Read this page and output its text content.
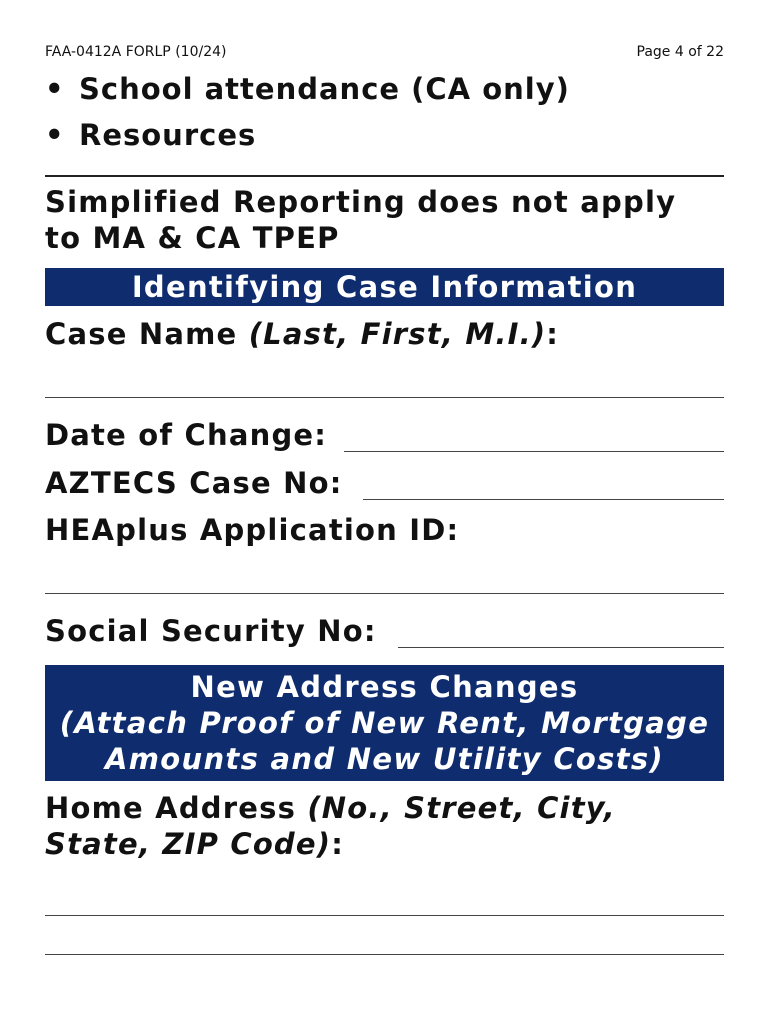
FAA-0412A FORLP (10/24)	Page 4 of 22
• School attendance (CA only)
• Resources
Simplified Reporting does not apply
to MA & CA TPEP
Identifying Case Information
Case Name (Last, First, M.I.):
Date of Change:
AZTECS Case No:
HEAplus Application ID:
Social Security No:
New Address Changes
(Attach Proof of New Rent, Mortgage
Amounts and New Utility Costs)
Home Address (No., Street, City,
State, ZIP Code):
